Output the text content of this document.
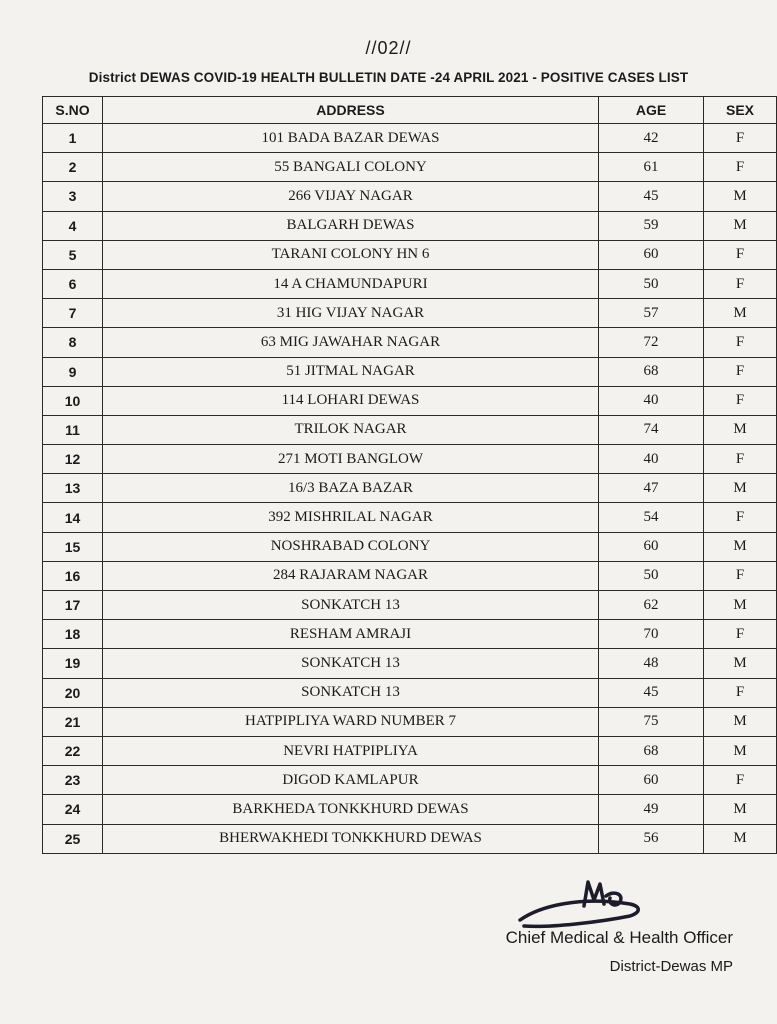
//02//
District DEWAS COVID-19 HEALTH BULLETIN DATE -24 APRIL 2021 - POSITIVE CASES LIST
S.NO	ADDRESS	AGE	SEX
1	101 BADA BAZAR DEWAS	42	F
2	55 BANGALI COLONY	61	F
3	266 VIJAY NAGAR	45	M
4	BALGARH DEWAS	59	M
5	TARANI COLONY HN 6	60	F
6	14 A CHAMUNDAPURI	50	F
7	31 HIG VIJAY NAGAR	57	M
8	63 MIG JAWAHAR NAGAR	72	F
9	51 JITMAL NAGAR	68	F
10	114 LOHARI DEWAS	40	F
11	TRILOK NAGAR	74	M
12	271 MOTI BANGLOW	40	F
13	16/3 BAZA BAZAR	47	M
14	392 MISHRILAL NAGAR	54	F
15	NOSHRABAD COLONY	60	M
16	284 RAJARAM NAGAR	50	F
17	SONKATCH 13	62	M
18	RESHAM AMRAJI	70	F
19	SONKATCH 13	48	M
20	SONKATCH 13	45	F
21	HATPIPLIYA WARD NUMBER 7	75	M
22	NEVRI HATPIPLIYA	68	M
23	DIGOD KAMLAPUR	60	F
24	BARKHEDA TONKKHURD DEWAS	49	M
25	BHERWAKHEDI TONKKHURD DEWAS	56	M
Chief Medical & Health Officer
District-Dewas MP
